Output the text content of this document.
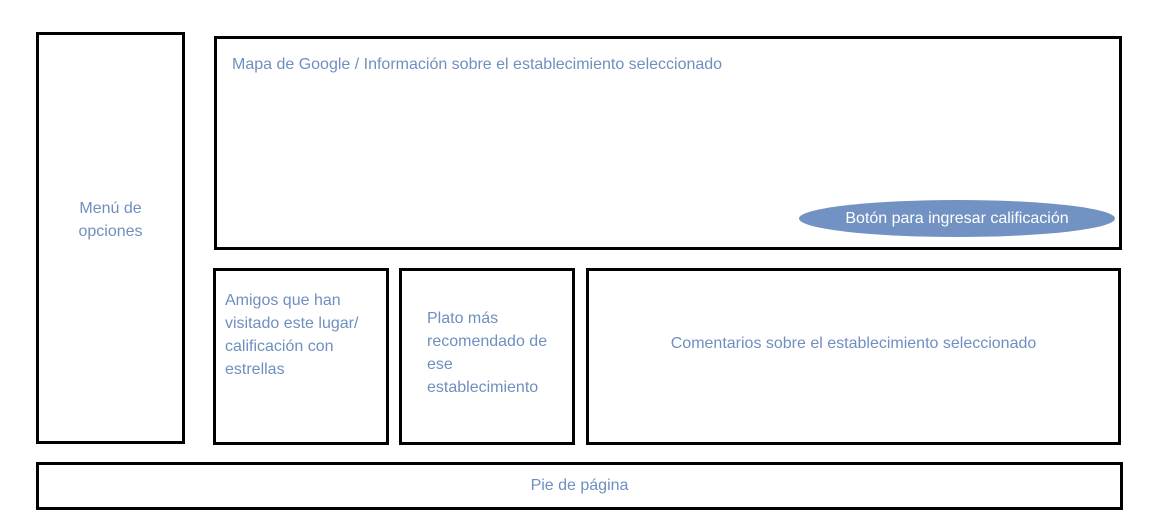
Menú de opciones
Mapa de Google / Información sobre el establecimiento seleccionado
Botón para ingresar calificación
Amigos que han visitado este lugar/ calificación con estrellas
Plato más recomendado de ese establecimiento
Comentarios sobre el establecimiento seleccionado
Pie de página
